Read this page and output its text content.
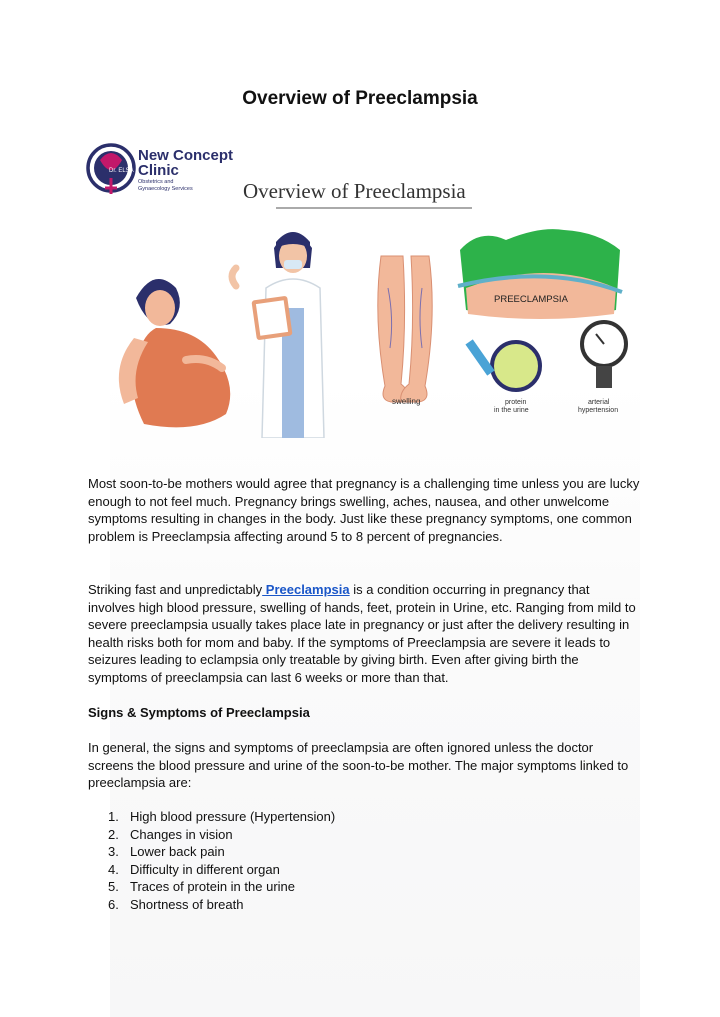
Overview of Preeclampsia
Dr. ELSA
New Concept
Clinic
Obstetrics and
Gynaecology Services Overview of Preeclampsia
swelling
PREECLAMPSIA
protein
in the urine
arterial
hypertension

Most soon-to-be mothers would agree that pregnancy is a challenging time unless you are lucky enough to not feel much. Pregnancy brings swelling, aches, nausea, and other unwelcome symptoms resulting in changes in the body. Just like these pregnancy symptoms, one common problem is Preeclampsia affecting around 5 to 8 percent of pregnancies.

Striking fast and unpredictably Preeclampsia is a condition occurring in pregnancy that involves high blood pressure, swelling of hands, feet, protein in Urine, etc. Ranging from mild to severe preeclampsia usually takes place late in pregnancy or just after the delivery resulting in health risks both for mom and baby. If the symptoms of Preeclampsia are severe it leads to seizures leading to eclampsia only treatable by giving birth. Even after giving birth the symptoms of preeclampsia can last 6 weeks or more than that.

Signs & Symptoms of Preeclampsia

In general, the signs and symptoms of preeclampsia are often ignored unless the doctor screens the blood pressure and urine of the soon-to-be mother. The major symptoms linked to preeclampsia are:

1. High blood pressure (Hypertension)
2. Changes in vision
3. Lower back pain
4. Difficulty in different organ
5. Traces of protein in the urine
6. Shortness of breath
